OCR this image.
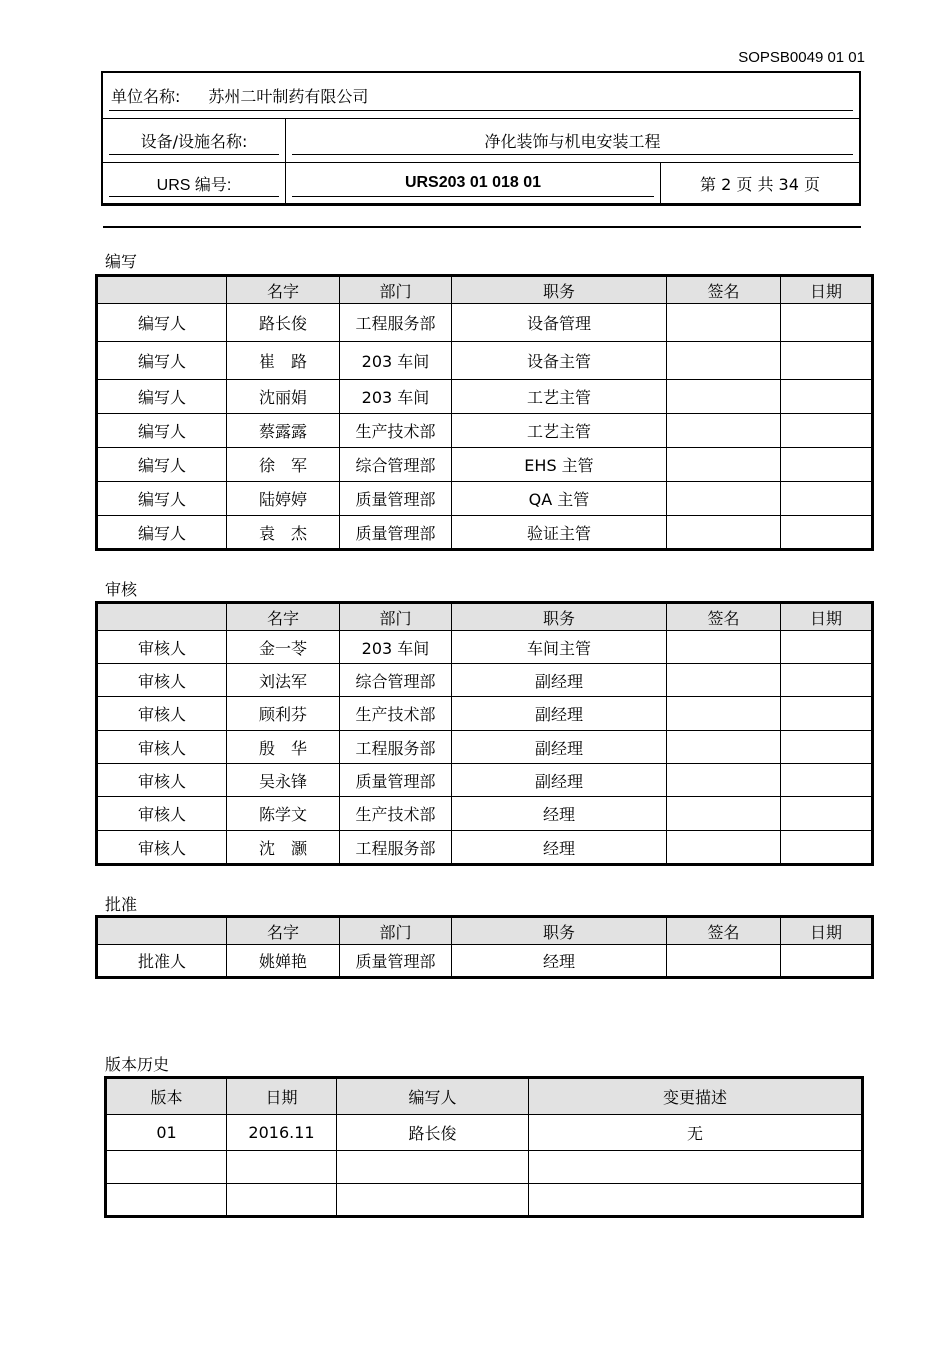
SOPSB0049 01 01
单位名称: 苏州二叶制药有限公司
设备/设施名称:	净化装饰与机电安装工程
URS 编号:	URS203 01 018 01	第 2 页 共 34 页
编写
	名字	部门	职务	签名	日期
编写人	路长俊	工程服务部	设备管理		
编写人	崔　路	203 车间	设备主管		
编写人	沈丽娟	203 车间	工艺主管		
编写人	蔡露露	生产技术部	工艺主管		
编写人	徐　军	综合管理部	EHS 主管		
编写人	陆婷婷	质量管理部	QA 主管		
编写人	袁　杰	质量管理部	验证主管		
审核
	名字	部门	职务	签名	日期
审核人	金一苓	203 车间	车间主管		
审核人	刘法军	综合管理部	副经理		
审核人	顾利芬	生产技术部	副经理		
审核人	殷　华	工程服务部	副经理		
审核人	吴永锋	质量管理部	副经理		
审核人	陈学文	生产技术部	经理		
审核人	沈　灏	工程服务部	经理		
批准
	名字	部门	职务	签名	日期
批准人	姚婵艳	质量管理部	经理		
版本历史
版本	日期	编写人	变更描述
01	2016.11	路长俊	无
